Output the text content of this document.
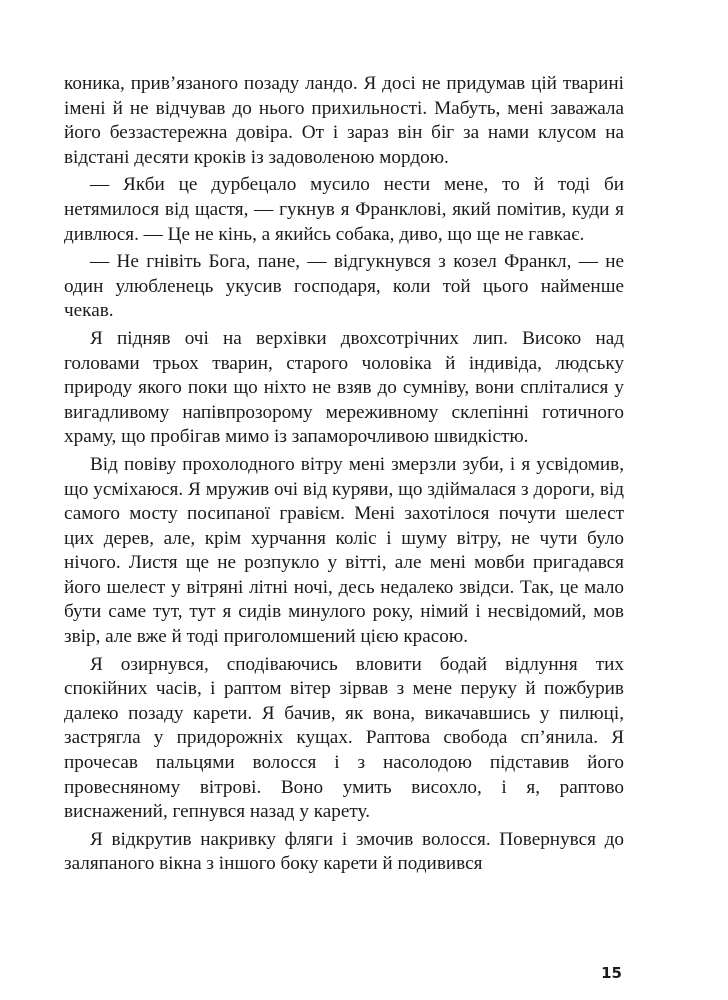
коника, прив’язаного позаду ландо. Я досі не придумав цій тварині імені й не відчував до нього прихильності. Мабуть, мені заважала його беззастережна довіра. От і зараз він біг за нами клусом на відстані десяти кроків із задоволеною мордою.

— Якби це дурбецало мусило нести мене, то й тоді би нетямилося від щастя, — гукнув я Франклові, який помітив, куди я дивлюся. — Це не кінь, а якийсь собака, диво, що ще не гавкає.

— Не гнівіть Бога, пане, — відгукнувся з козел Франкл, — не один улюбленець укусив господаря, коли той цього найменше чекав.

Я підняв очі на верхівки двохсотрічних лип. Високо над головами трьох тварин, старого чоловіка й індивіда, людську природу якого поки що ніхто не взяв до сумніву, вони сплiталися у вигадливому напівпрозорому мереживному склепінні готичного храму, що пробігав мимо із запаморочливою швидкістю.

Від повіву прохолодного вітру мені змерзли зуби, і я усвідомив, що усміхаюся. Я мружив очі від куряви, що здіймалася з дороги, від самого мосту посипаної гравієм. Мені захотілося почути шелест цих дерев, але, крім хурчання коліс і шуму вітру, не чути було нічого. Листя ще не розпукло у вітті, але мені мовби пригадався його шелест у вітряні літні ночі, десь недалеко звідси. Так, це мало бути саме тут, тут я сидів минулого року, німий і несвідомий, мов звір, але вже й тоді приголомшений цією красою.

Я озирнувся, сподіваючись вловити бодай відлуння тих спокійних часів, і раптом вітер зірвав з мене перуку й пожбурив далеко позаду карети. Я бачив, як вона, викачавшись у пилюці, застрягла у придорожніх кущах. Раптова свобода сп’янила. Я прочесав пальцями волосся і з насолодою підставив його провесняному вітрові. Воно умить висохло, і я, раптово виснажений, гепнувся назад у карету.

Я відкрутив накривку фляги і змочив волосся. Повернувся до заляпаного вікна з іншого боку карети й подивився

15
